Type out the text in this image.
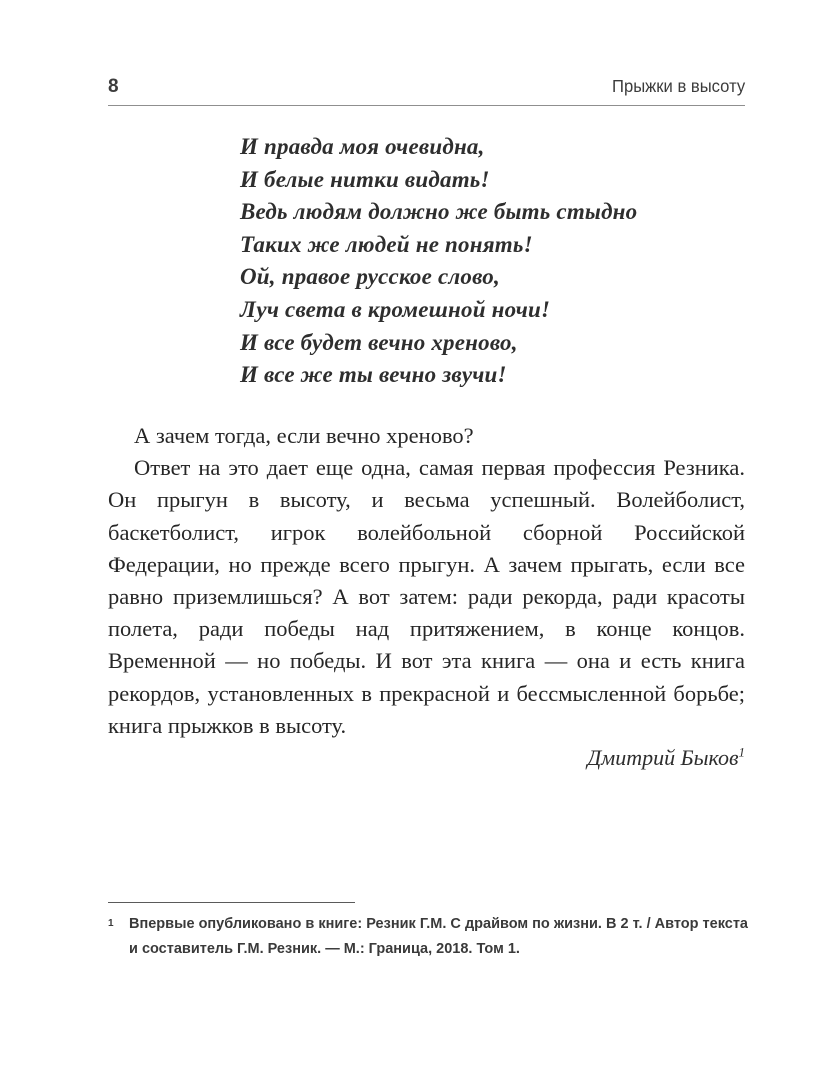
8	Прыжки в высоту
И правда моя очевидна,
И белые нитки видать!
Ведь людям должно же быть стыдно
Таких же людей не понять!
Ой, правое русское слово,
Луч света в кромешной ночи!
И все будет вечно хреново,
И все же ты вечно звучи!

А зачем тогда, если вечно хреново?

Ответ на это дает еще одна, самая первая профессия Резника. Он прыгун в высоту, и весьма успешный. Волейболист, баскетболист, игрок волейбольной сборной Российской Федерации, но прежде всего прыгун. А зачем прыгать, если все равно приземлишься? А вот затем: ради рекорда, ради красоты полета, ради победы над притяжением, в конце концов. Временной — но победы. И вот эта книга — она и есть книга рекордов, установленных в прекрасной и бессмысленной борьбе; книга прыжков в высоту.

Дмитрий Быков$^1$

1 Впервые опубликовано в книге: Резник Г.М. С драйвом по жизни. В 2 т. / Автор текста и составитель Г.М. Резник. — М.: Граница, 2018. Том 1.
